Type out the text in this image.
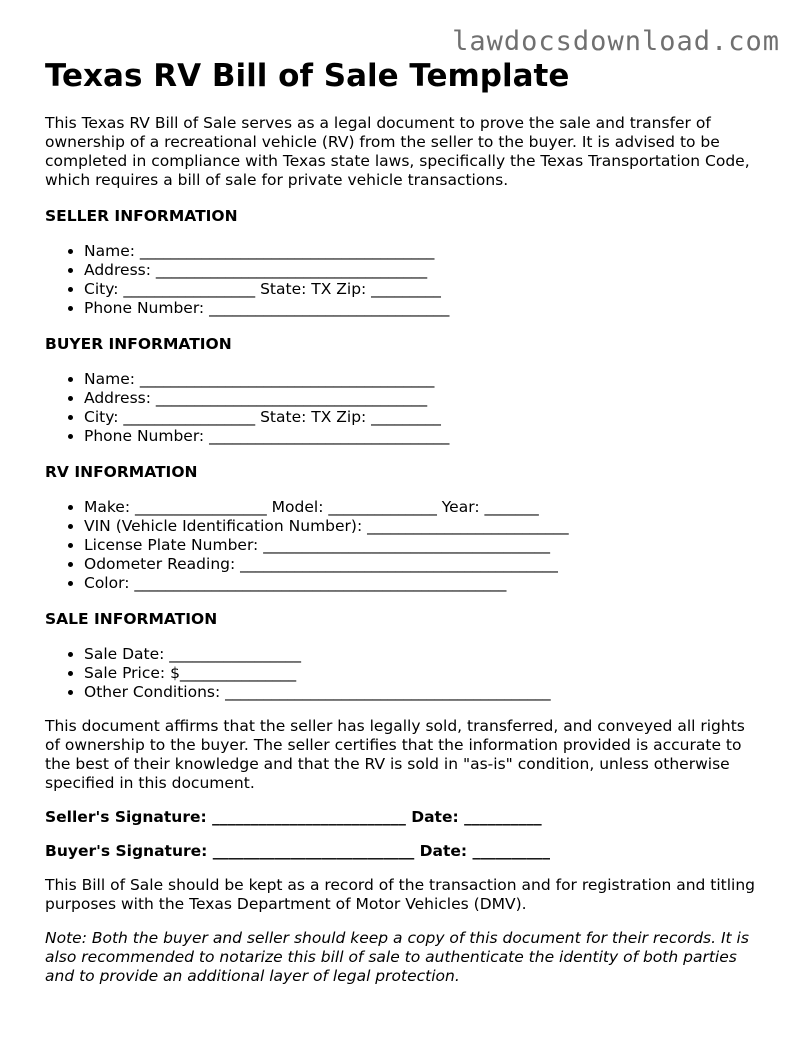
lawdocsdownload.com
Texas RV Bill of Sale Template

This Texas RV Bill of Sale serves as a legal document to prove the sale and transfer of ownership of a recreational vehicle (RV) from the seller to the buyer. It is advised to be completed in compliance with Texas state laws, specifically the Texas Transportation Code, which requires a bill of sale for private vehicle transactions.

SELLER INFORMATION
• Name: ______________________________________
• Address: ___________________________________
• City: _________________ State: TX Zip: _________
• Phone Number: _______________________________
BUYER INFORMATION
• Name: ______________________________________
• Address: ___________________________________
• City: _________________ State: TX Zip: _________
• Phone Number: _______________________________
RV INFORMATION
• Make: _________________ Model: ______________ Year: _______
• VIN (Vehicle Identification Number): __________________________
• License Plate Number: _____________________________________
• Odometer Reading: _________________________________________
• Color: ________________________________________________
SALE INFORMATION
• Sale Date: _________________
• Sale Price: $_______________
• Other Conditions: __________________________________________

This document affirms that the seller has legally sold, transferred, and conveyed all rights of ownership to the buyer. The seller certifies that the information provided is accurate to the best of their knowledge and that the RV is sold in "as-is" condition, unless otherwise specified in this document.

Seller's Signature: _________________________ Date: __________

Buyer's Signature: __________________________ Date: __________

This Bill of Sale should be kept as a record of the transaction and for registration and titling purposes with the Texas Department of Motor Vehicles (DMV).

Note: Both the buyer and seller should keep a copy of this document for their records. It is also recommended to notarize this bill of sale to authenticate the identity of both parties and to provide an additional layer of legal protection.
